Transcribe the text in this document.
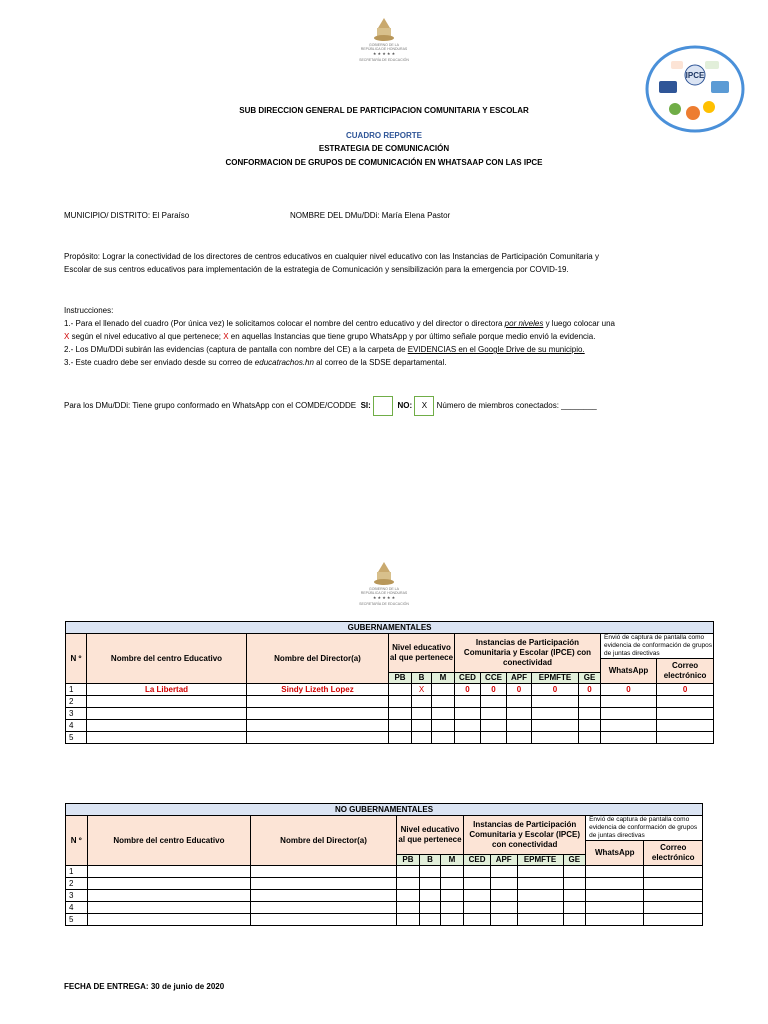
GOBIERNO DE LA
REPÚBLICA DE HONDURAS
★ ★ ★ ★ ★
SECRETARÍA DE EDUCACIÓN
IPCE
SUB DIRECCION GENERAL DE PARTICIPACION COMUNITARIA Y ESCOLAR
CUADRO REPORTE
ESTRATEGIA DE COMUNICACIÓN
CONFORMACION DE GRUPOS DE COMUNICACIÓN EN WHATSAAP CON LAS IPCE
MUNICIPIO/ DISTRITO: El Paraíso	NOMBRE DEL DMu/DDi: María Elena Pastor
Propósito: Lograr la conectividad de los directores de centros educativos en cualquier nivel educativo con las Instancias de Participación Comunitaria y
Escolar de sus centros educativos para implementación de la estrategia de Comunicación y sensibilización para la emergencia por COVID-19.
Instrucciones:
1.- Para el llenado del cuadro (Por única vez) le solicitamos colocar el nombre del centro educativo y del director o directora por niveles y luego colocar una
X según el nivel educativo al que pertenece; X en aquellas Instancias que tiene grupo WhatsApp y por último señale porque medio envió la evidencia.
2.- Los DMu/DDi subirán las evidencias (captura de pantalla con nombre del CE) a la carpeta de EVIDENCIAS en el Google Drive de su municipio.
3.- Este cuadro debe ser enviado desde su correo de educatrachos.hn al correo de la SDSE departamental.
Para los DMu/DDi: Tiene grupo conformado en WhatsApp con el COMDE/CODDE SI:	NO: X Número de miembros conectados: ________
GOBIERNO DE LA
REPÚBLICA DE HONDURAS
★ ★ ★ ★ ★
SECRETARÍA DE EDUCACIÓN
GUBERNAMENTALES												
N º	Nombre del centro Educativo	Nombre del Director(a)	Nivel educativo al que pertenece			Instancias de Participación Comunitaria y Escolar (IPCE) con conectividad					Envió de captura de pantalla como evidencia de conformación de grupos de juntas directivas	
											WhatsApp	Correo electrónico
			PB	B	M	CED	CCE	APF	EPMFTE	GE		
1	La Libertad	Sindy Lizeth Lopez		X		0	0	0	0	0	0	0
2												
3												
4												
5												
NO GUBERNAMENTALES											
N º	Nombre del centro Educativo	Nombre del Director(a)	Nivel educativo al que pertenece			Instancias de Participación Comunitaria y Escolar (IPCE) con conectividad				Envió de captura de pantalla como evidencia de conformación de grupos de juntas directivas	
										WhatsApp	Correo electrónico
			PB	B	M	CED	APF	EPMFTE	GE		
1											
2											
3											
4											
5											
FECHA DE ENTREGA: 30 de junio de 2020
